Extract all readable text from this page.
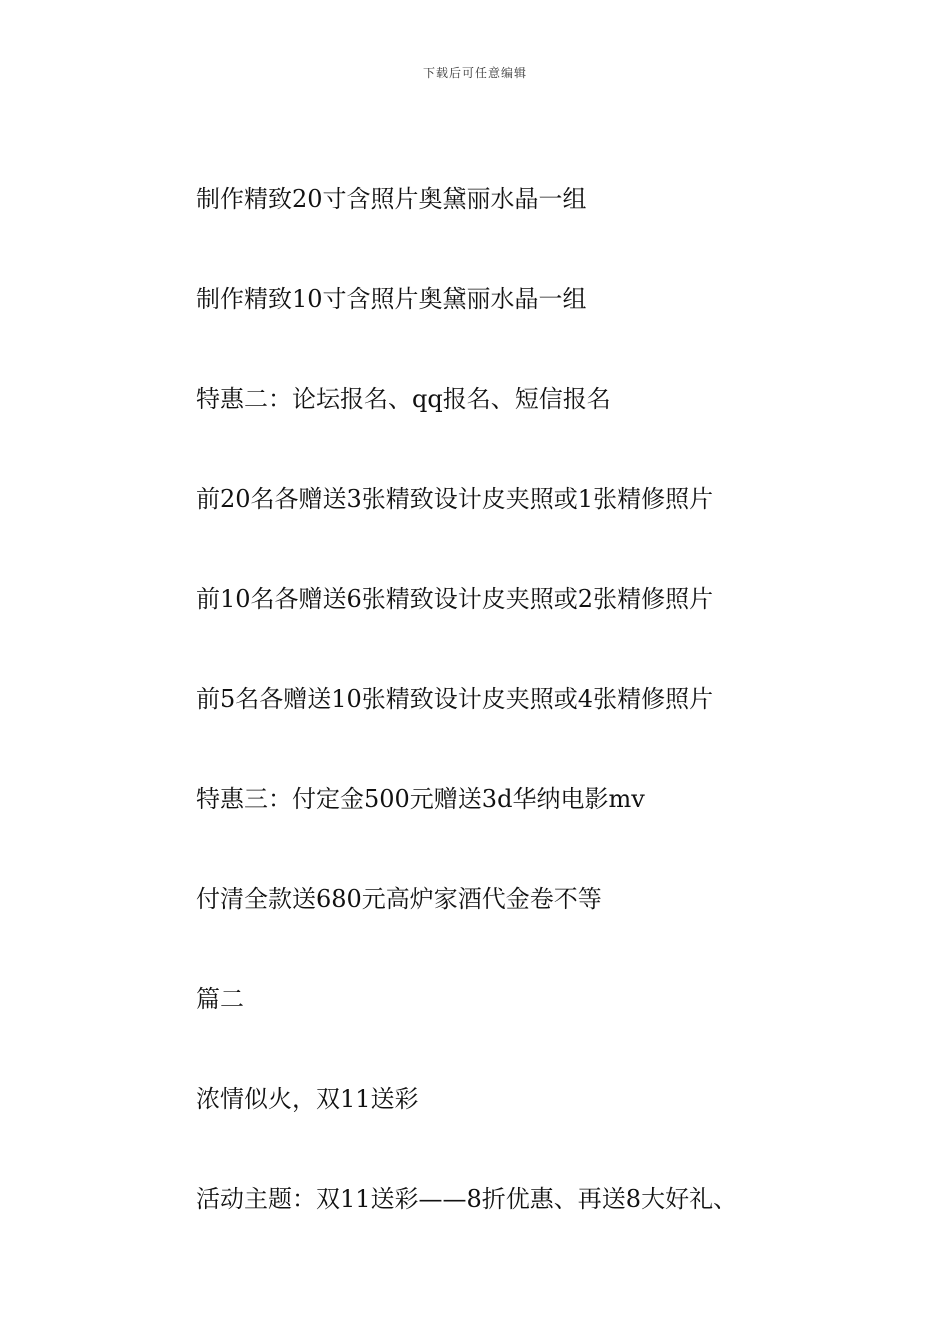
下载后可任意编辑
制作精致20寸含照片奥黛丽水晶一组
制作精致10寸含照片奥黛丽水晶一组
特惠二：论坛报名、qq报名、短信报名
前20名各赠送3张精致设计皮夹照或1张精修照片
前10名各赠送6张精致设计皮夹照或2张精修照片
前5名各赠送10张精致设计皮夹照或4张精修照片
特惠三：付定金500元赠送3d华纳电影mv
付清全款送680元高炉家酒代金卷不等
篇二
浓情似火，双11送彩
活动主题：双11送彩——8折优惠、再送8大好礼、
